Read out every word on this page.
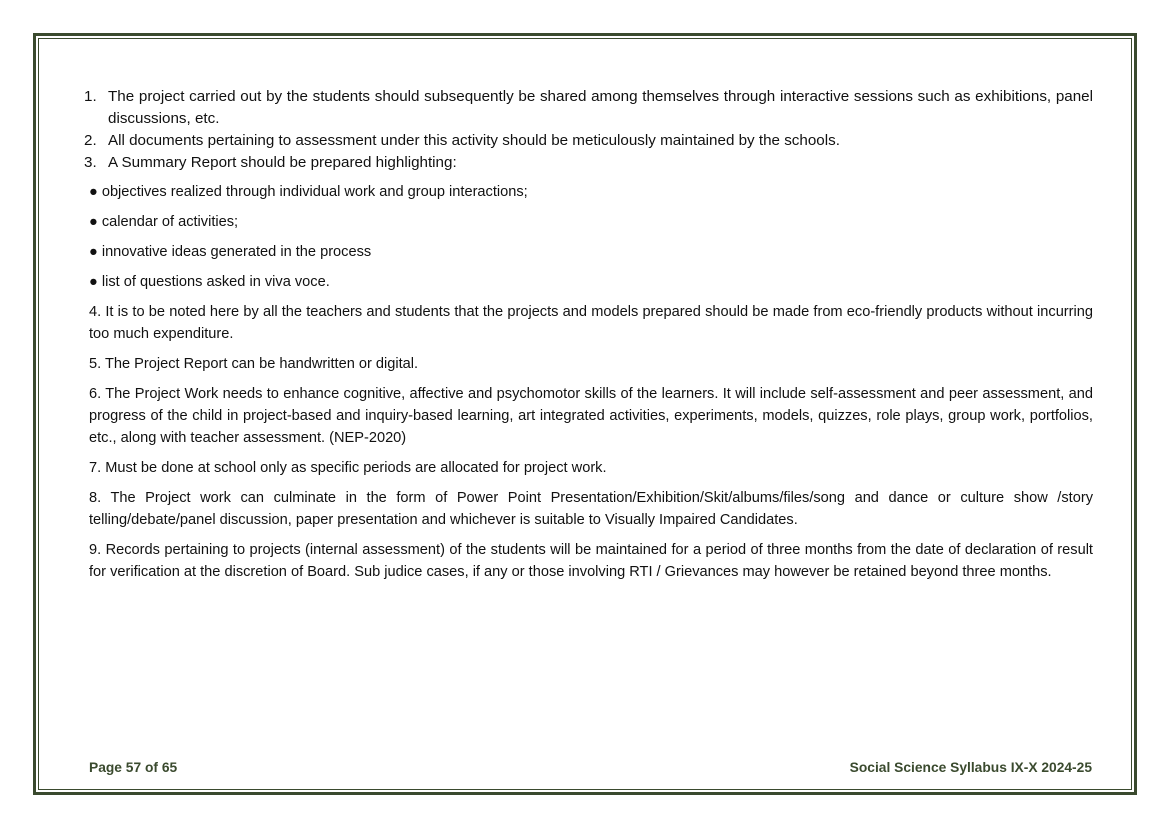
1. The project carried out by the students should subsequently be shared among themselves through interactive sessions such as exhibitions, panel discussions, etc.
2. All documents pertaining to assessment under this activity should be meticulously maintained by the schools.
3. A Summary Report should be prepared highlighting:
● objectives realized through individual work and group interactions;
● calendar of activities;
● innovative ideas generated in the process
● list of questions asked in viva voce.

4. It is to be noted here by all the teachers and students that the projects and models prepared should be made from eco-friendly products without incurring too much expenditure.

5. The Project Report can be handwritten or digital.

6. The Project Work needs to enhance cognitive, affective and psychomotor skills of the learners. It will include self-assessment and peer assessment, and progress of the child in project-based and inquiry-based learning, art integrated activities, experiments, models, quizzes, role plays, group work, portfolios, etc., along with teacher assessment. (NEP-2020)

7. Must be done at school only as specific periods are allocated for project work.

8. The Project work can culminate in the form of Power Point Presentation/Exhibition/Skit/albums/files/song and dance or culture show /story telling/debate/panel discussion, paper presentation and whichever is suitable to Visually Impaired Candidates.

9. Records pertaining to projects (internal assessment) of the students will be maintained for a period of three months from the date of declaration of result for verification at the discretion of Board. Sub judice cases, if any or those involving RTI / Grievances may however be retained beyond three months.

Page 57 of 65	Social Science Syllabus IX-X 2024-25
